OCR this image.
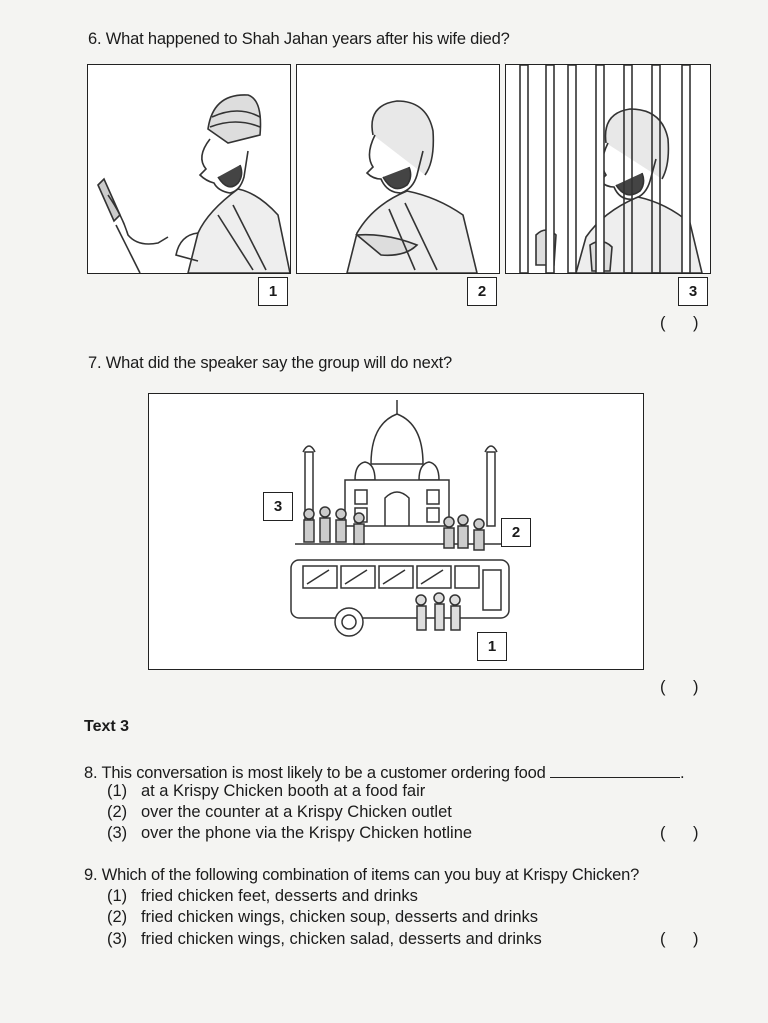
6. What happened to Shah Jahan years after his wife died?
1	2	3
(      )
7. What did the speaker say the group will do next?
3
2
1
(      )
Text 3
8. This conversation is most likely to be a customer ordering food	.
(1) at a Krispy Chicken booth at a food fair
(2) over the counter at a Krispy Chicken outlet
(3) over the phone via the Krispy Chicken hotline	(      )
9. Which of the following combination of items can you buy at Krispy Chicken?
(1) fried chicken feet, desserts and drinks
(2) fried chicken wings, chicken soup, desserts and drinks
(3) fried chicken wings, chicken salad, desserts and drinks	(      )
